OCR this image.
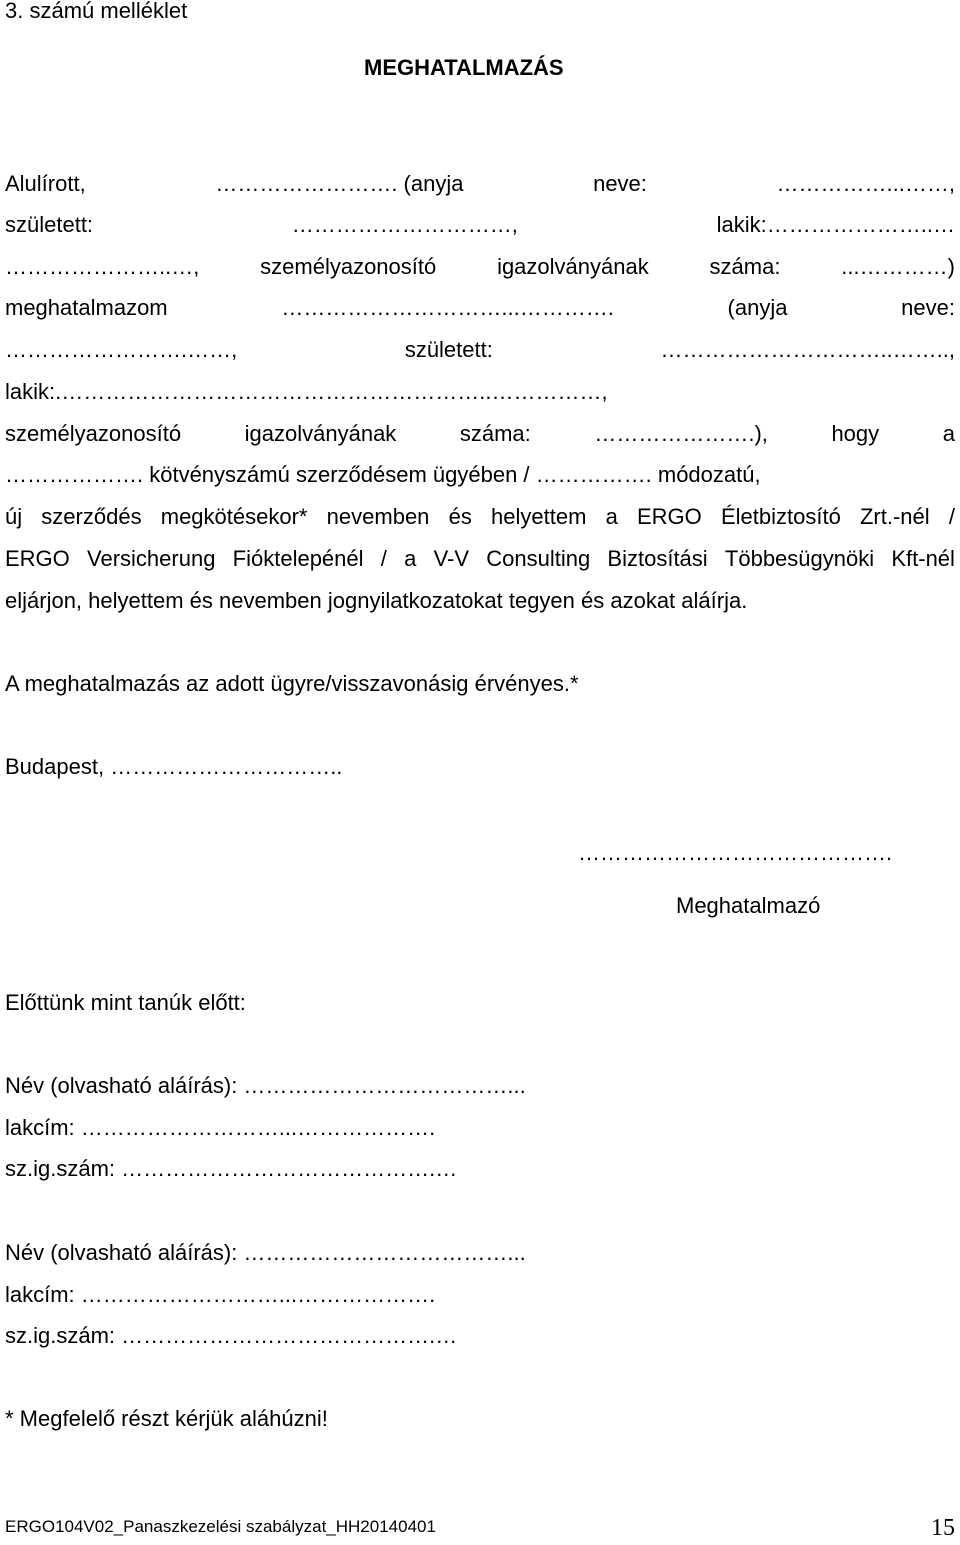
3. számú melléklet
MEGHATALMAZÁS
Alulírott,	……………………. (anyja	neve:	……………...……,
született:	…………………………,	lakik:…………………..…
…………………..…,	személyazonosító	igazolványának	száma:	...…………)
meghatalmazom	…………………………...………….	(anyja	neve:
…………………….……,	született:	…………………………..……..,
lakik:.…………………………………………………..……………,
személyazonosító	igazolványának	száma:	………………….),	hogy	a
………………. kötvényszámú szerződésem ügyében / ……………. módozatú,
új szerződés megkötésekor* nevemben és helyettem a ERGO Életbiztosító Zrt.-nél /
ERGO Versicherung Fióktelepénél / a V-V Consulting Biztosítási Többesügynöki Kft-nél
eljárjon, helyettem és nevemben jognyilatkozatokat tegyen és azokat aláírja.
A meghatalmazás az adott ügyre/visszavonásig érvényes.*
Budapest, …………………………..
…………………………………….
Meghatalmazó
Előttünk mint tanúk előtt:
Név (olvasható aláírás): ………………………………...
lakcím: ………………………...……………….
sz.ig.szám: …………………………………….…
Név (olvasható aláírás): ………………………………...
lakcím: ………………………...……………….
sz.ig.szám: …………………………………….…
* Megfelelő részt kérjük aláhúzni!
ERGO104V02_Panaszkezelési szabályzat_HH20140401	15
